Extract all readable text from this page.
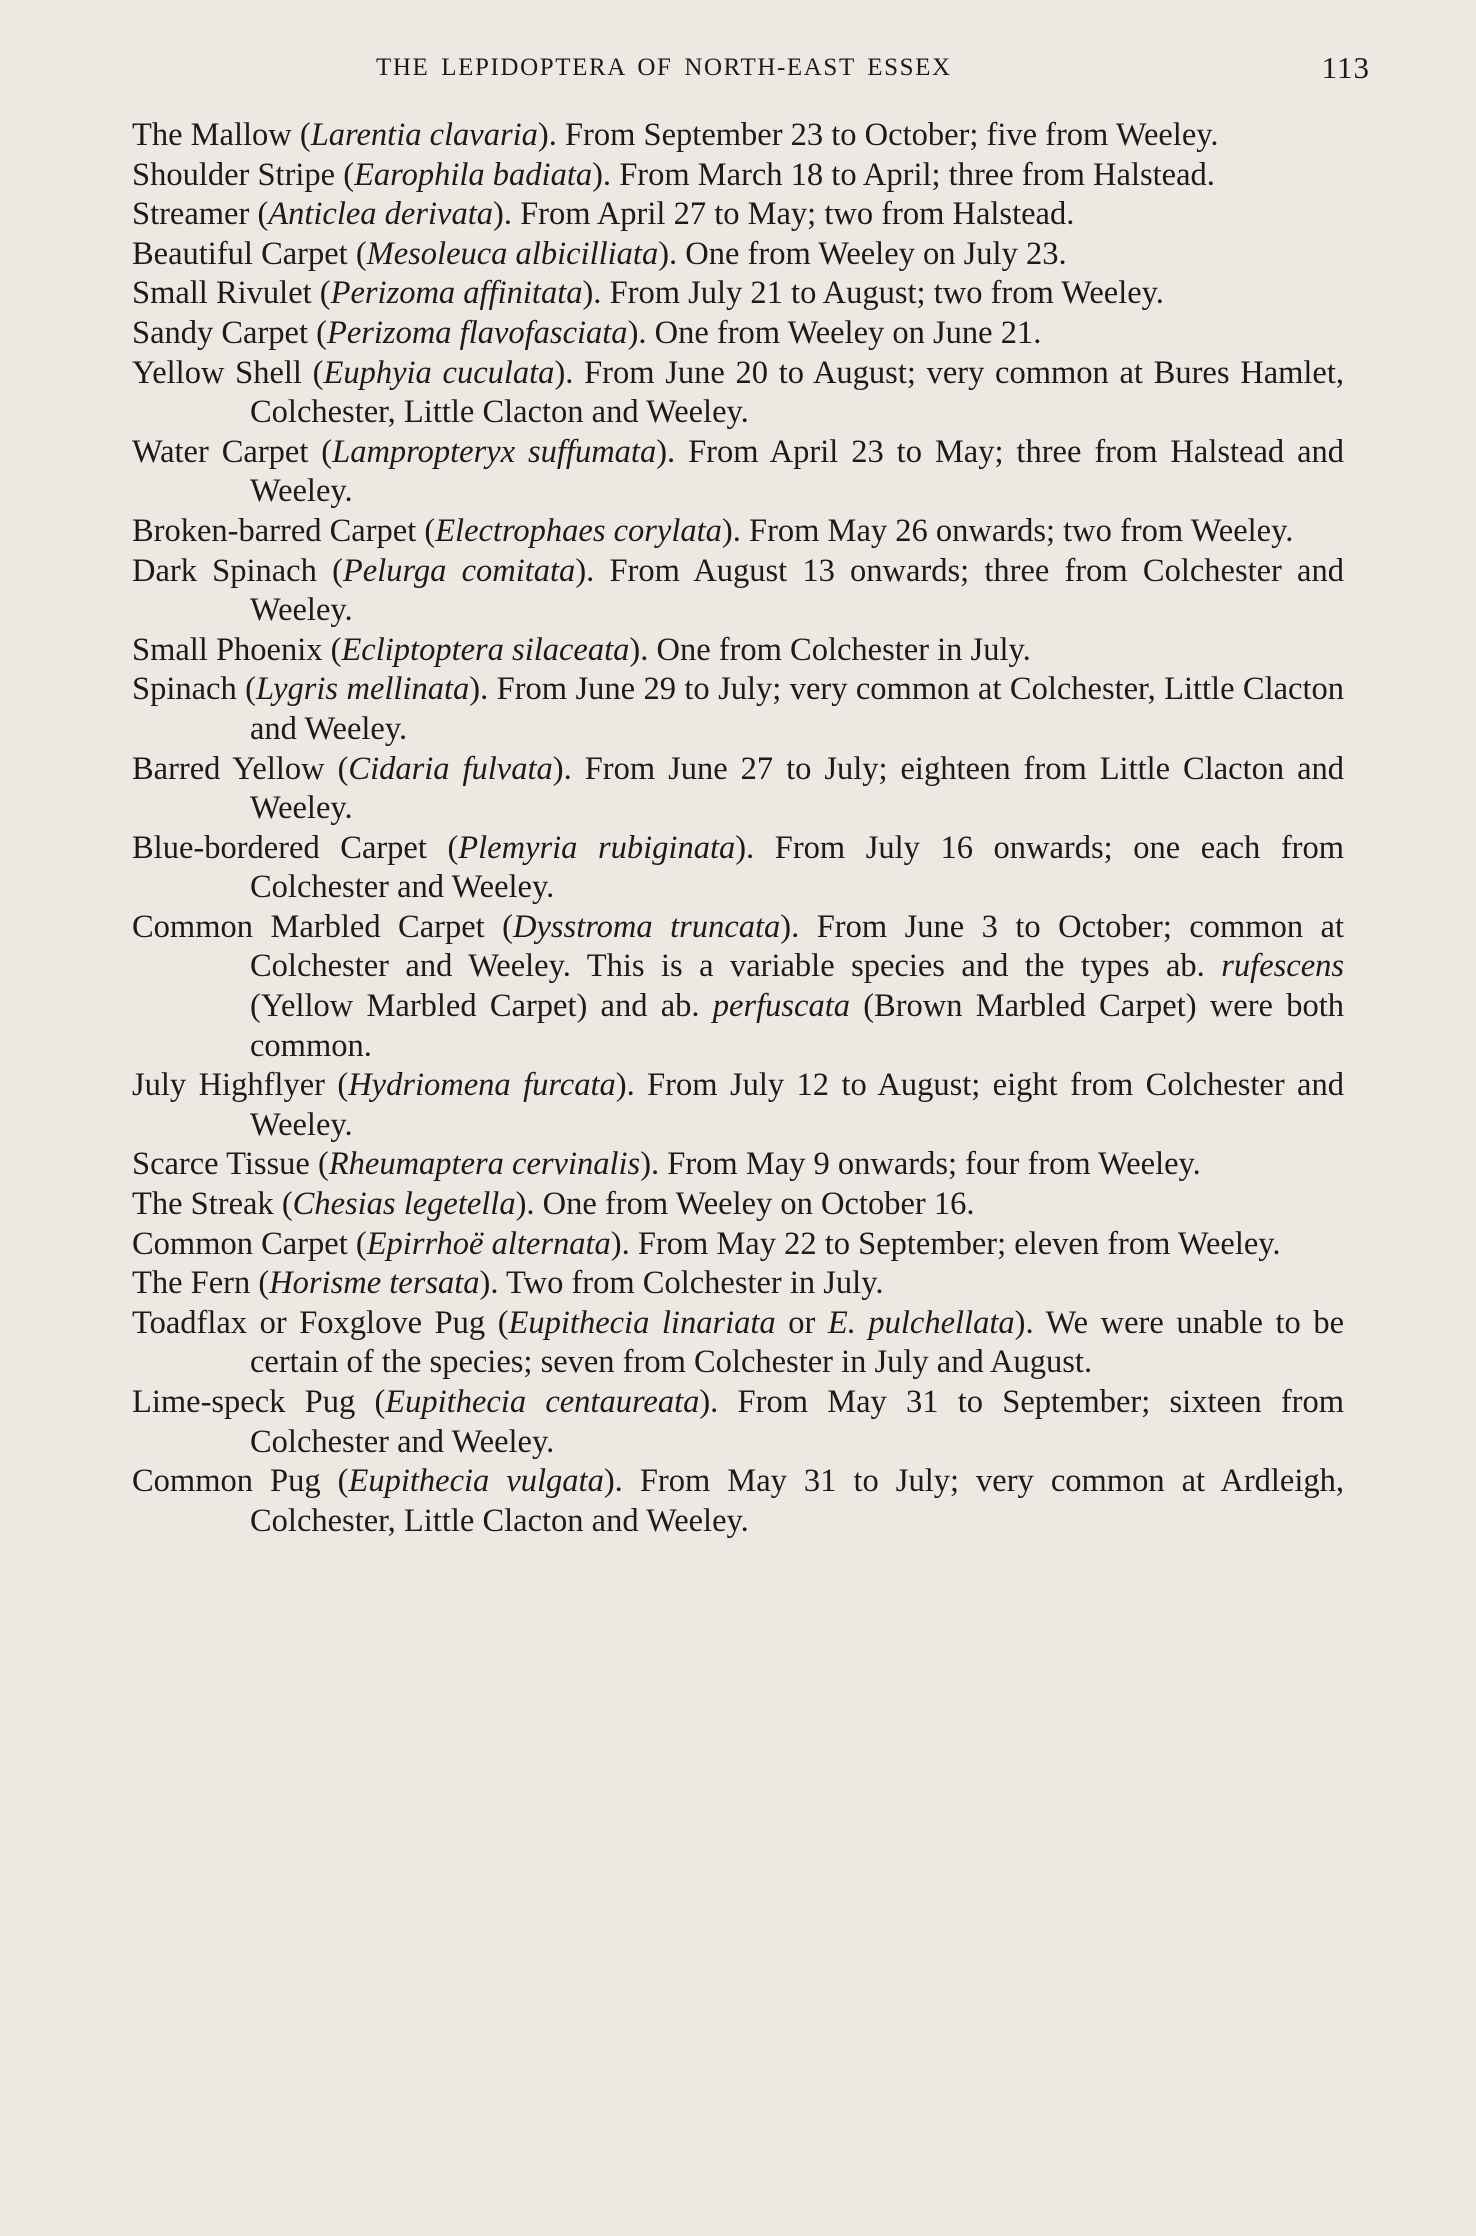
THE LEPIDOPTERA OF NORTH-EAST ESSEX	113

The Mallow (Larentia clavaria). From September 23 to October; five from Weeley.

Shoulder Stripe (Earophila badiata). From March 18 to April; three from Halstead.

Streamer (Anticlea derivata). From April 27 to May; two from Halstead.

Beautiful Carpet (Mesoleuca albicilliata). One from Weeley on July 23.

Small Rivulet (Perizoma affinitata). From July 21 to August; two from Weeley.

Sandy Carpet (Perizoma flavofasciata). One from Weeley on June 21.

Yellow Shell (Euphyia cuculata). From June 20 to August; very common at Bures Hamlet, Colchester, Little Clacton and Weeley.

Water Carpet (Lampropteryx suffumata). From April 23 to May; three from Halstead and Weeley.

Broken-barred Carpet (Electrophaes corylata). From May 26 onwards; two from Weeley.

Dark Spinach (Pelurga comitata). From August 13 onwards; three from Colchester and Weeley.

Small Phoenix (Ecliptoptera silaceata). One from Colchester in July.

Spinach (Lygris mellinata). From June 29 to July; very common at Colchester, Little Clacton and Weeley.

Barred Yellow (Cidaria fulvata). From June 27 to July; eighteen from Little Clacton and Weeley.

Blue-bordered Carpet (Plemyria rubiginata). From July 16 onwards; one each from Colchester and Weeley.

Common Marbled Carpet (Dysstroma truncata). From June 3 to October; common at Colchester and Weeley. This is a variable species and the types ab. rufescens (Yellow Marbled Carpet) and ab. perfuscata (Brown Marbled Carpet) were both common.

July Highflyer (Hydriomena furcata). From July 12 to August; eight from Colchester and Weeley.

Scarce Tissue (Rheumaptera cervinalis). From May 9 onwards; four from Weeley.

The Streak (Chesias legetella). One from Weeley on October 16.

Common Carpet (Epirrhoë alternata). From May 22 to September; eleven from Weeley.

The Fern (Horisme tersata). Two from Colchester in July.

Toadflax or Foxglove Pug (Eupithecia linariata or E. pulchellata). We were unable to be certain of the species; seven from Colchester in July and August.

Lime-speck Pug (Eupithecia centaureata). From May 31 to September; sixteen from Colchester and Weeley.

Common Pug (Eupithecia vulgata). From May 31 to July; very common at Ardleigh, Colchester, Little Clacton and Weeley.
